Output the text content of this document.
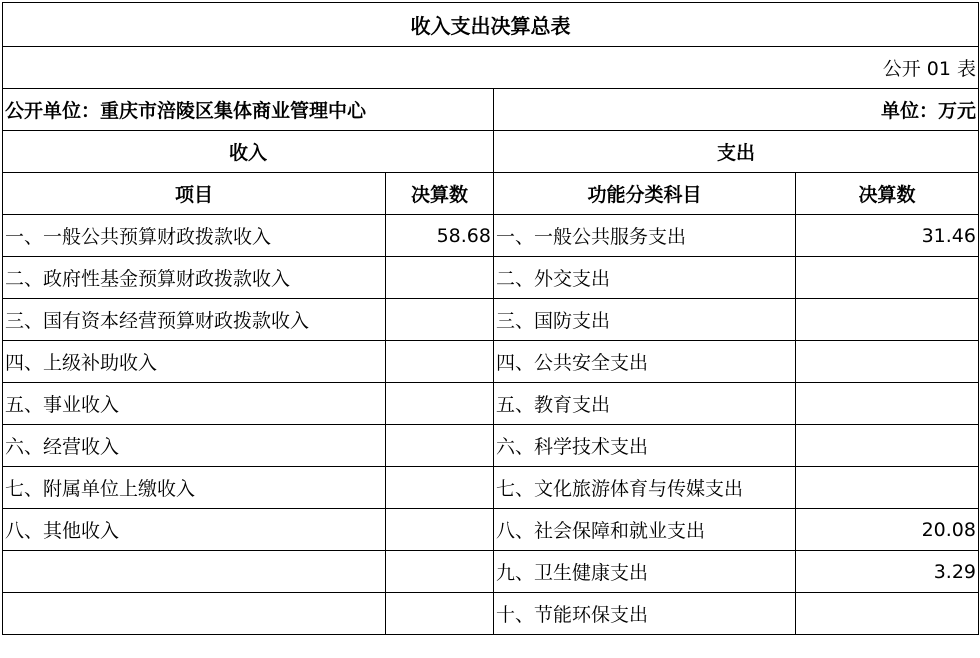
收入支出决算总表			
公开 01 表			
公开单位：重庆市涪陵区集体商业管理中心		单位：万元	
收入		支出	
项目	决算数	功能分类科目	决算数
一、一般公共预算财政拨款收入	58.68	一、一般公共服务支出	31.46
二、政府性基金预算财政拨款收入		二、外交支出	
三、国有资本经营预算财政拨款收入		三、国防支出	
四、上级补助收入		四、公共安全支出	
五、事业收入		五、教育支出	
六、经营收入		六、科学技术支出	
七、附属单位上缴收入		七、文化旅游体育与传媒支出	
八、其他收入		八、社会保障和就业支出	20.08
		九、卫生健康支出	3.29
		十、节能环保支出	
